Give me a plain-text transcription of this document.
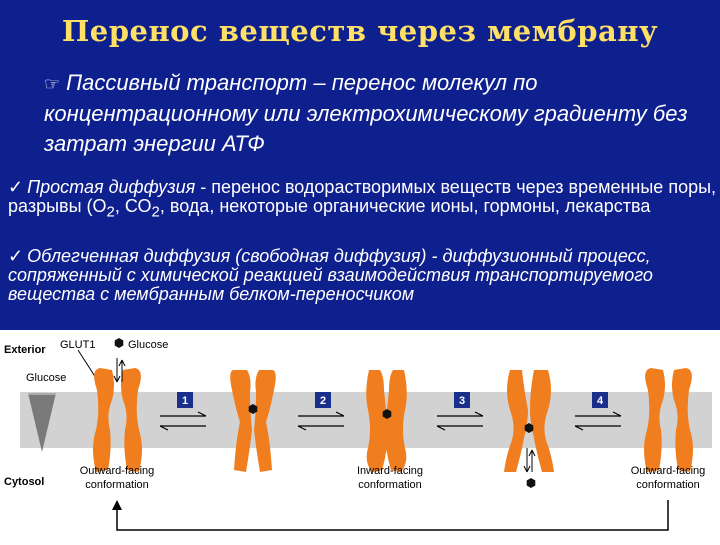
Перенос веществ через мембрану
☞ Пассивный транспорт – перенос молекул по концентрационному или электрохимическому градиенту без затрат энергии АТФ
✓ Простая диффузия - перенос водорастворимых веществ через временные поры, разрывы ($О_2$, $СО_2$, вода, некоторые органические ионы, гормоны, лекарства
✓ Облегченная диффузия (свободная диффузия) - диффузионный процесс, сопряженный с химической реакцией взаимодействия транспортируемого вещества с мембранным белком-переносчиком
Exterior
Cytosol
Glucose
GLUT1	Glucose
1	2	3	4
Outward-facing
conformation
Inward-facing
conformation
Outward-facing
conformation
